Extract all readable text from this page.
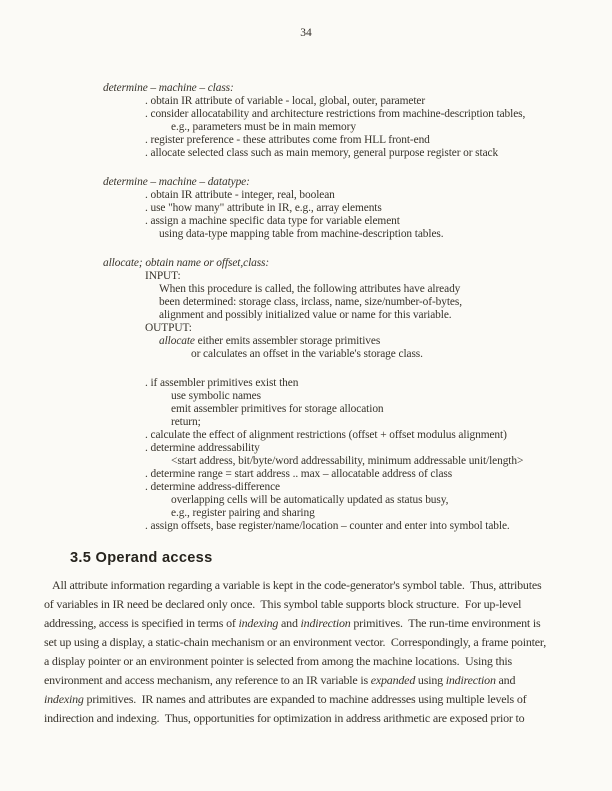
34
determine – machine – class:
. obtain IR attribute of variable - local, global, outer, parameter
. consider allocatability and architecture restrictions from machine-description tables,
e.g., parameters must be in main memory
. register preference - these attributes come from HLL front-end
. allocate selected class such as main memory, general purpose register or stack
determine – machine – datatype:
. obtain IR attribute - integer, real, boolean
. use "how many" attribute in IR, e.g., array elements
. assign a machine specific data type for variable element
using data-type mapping table from machine-description tables.
allocate; obtain name or offset,class:
INPUT:
When this procedure is called, the following attributes have already
been determined: storage class, irclass, name, size/number-of-bytes,
alignment and possibly initialized value or name for this variable.
OUTPUT:
allocate either emits assembler storage primitives
or calculates an offset in the variable's storage class.
. if assembler primitives exist then
use symbolic names
emit assembler primitives for storage allocation
return;
. calculate the effect of alignment restrictions (offset + offset modulus alignment)
. determine addressability
<start address, bit/byte/word addressability, minimum addressable unit/length>
. determine range = start address .. max – allocatable address of class
. determine address-difference
overlapping cells will be automatically updated as status busy,
e.g., register pairing and sharing
. assign offsets, base register/name/location – counter and enter into symbol table.
3.5 Operand access
All attribute information regarding a variable is kept in the code-generator's symbol table.  Thus, attributes
of variables in IR need be declared only once.  This symbol table supports block structure.  For up-level
addressing, access is specified in terms of indexing and indirection primitives.  The run-time environment is
set up using a display, a static-chain mechanism or an environment vector.  Correspondingly, a frame pointer,
a display pointer or an environment pointer is selected from among the machine locations.  Using this
environment and access mechanism, any reference to an IR variable is expanded using indirection and
indexing primitives.  IR names and attributes are expanded to machine addresses using multiple levels of
indirection and indexing.  Thus, opportunities for optimization in address arithmetic are exposed prior to
